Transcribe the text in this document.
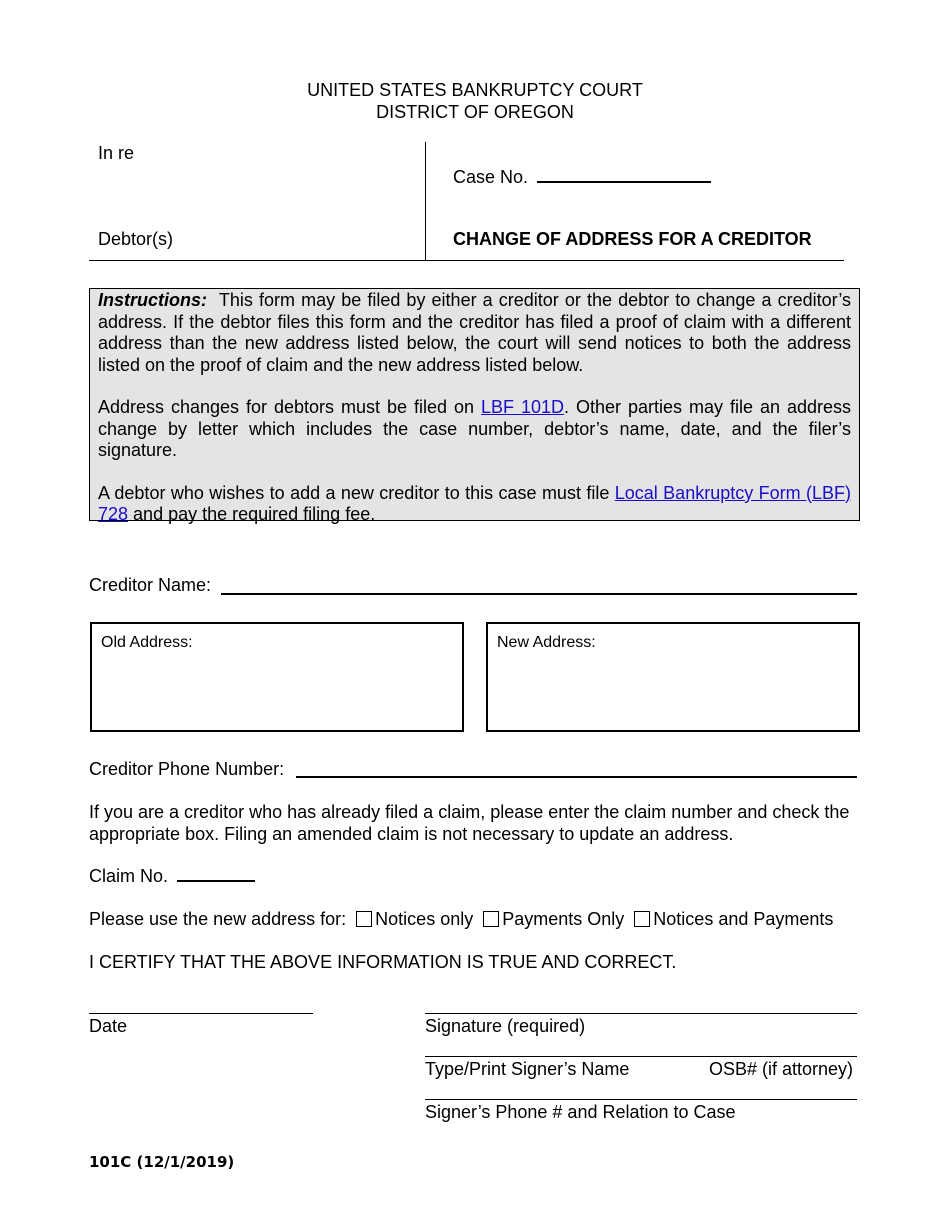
UNITED STATES BANKRUPTCY COURT
DISTRICT OF OREGON
In re
Debtor(s)
Case No.
CHANGE OF ADDRESS FOR A CREDITOR

Instructions: This form may be filed by either a creditor or the debtor to change a creditor’s address. If the debtor files this form and the creditor has filed a proof of claim with a different address than the new address listed below, the court will send notices to both the address listed on the proof of claim and the new address listed below.

Address changes for debtors must be filed on LBF 101D. Other parties may file an address change by letter which includes the case number, debtor’s name, date, and the filer’s signature.

A debtor who wishes to add a new creditor to this case must file Local Bankruptcy Form (LBF) 728 and pay the required filing fee.

Creditor Name:
Old Address:	New Address:
Creditor Phone Number:
If you are a creditor who has already filed a claim, please enter the claim number and check the appropriate box. Filing an amended claim is not necessary to update an address.
Claim No.
Please use the new address for: Notices only Payments Only Notices and Payments
I CERTIFY THAT THE ABOVE INFORMATION IS TRUE AND CORRECT.
Date	Signature (required)
Type/Print Signer’s Name	OSB# (if attorney)
Signer’s Phone # and Relation to Case
101C (12/1/2019)
